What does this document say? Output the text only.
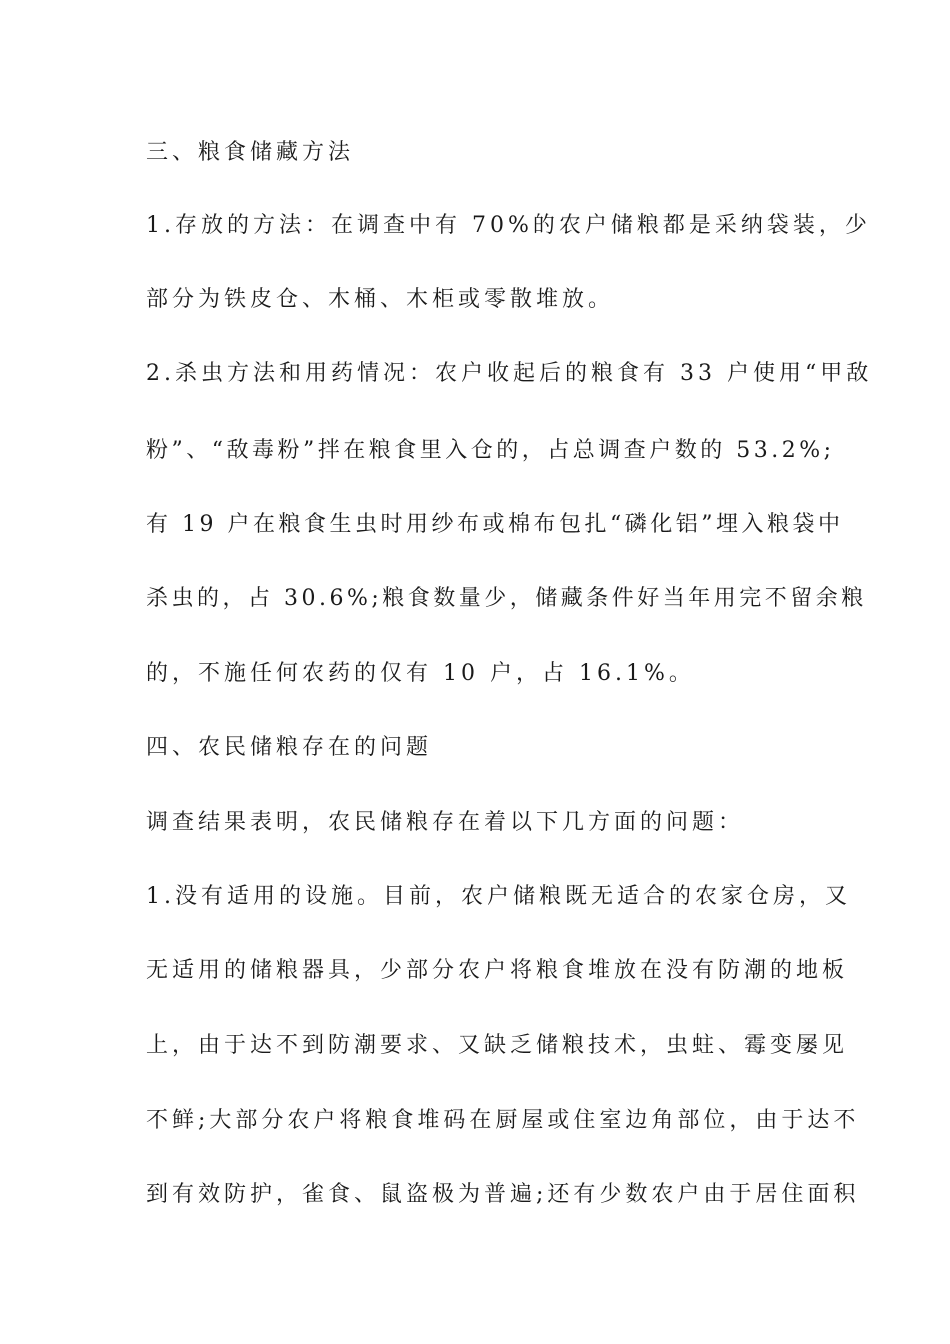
三、粮食储藏方法
1.存放的方法：在调查中有 70%的农户储粮都是采纳袋装，少
部分为铁皮仓、木桶、木柜或零散堆放。
2.杀虫方法和用药情况：农户收起后的粮食有 33 户使用“甲敌
粉”、“敌毒粉”拌在粮食里入仓的，占总调查户数的 53.2%;
有 19 户在粮食生虫时用纱布或棉布包扎“磷化铝”埋入粮袋中
杀虫的，占 30.6%;粮食数量少，储藏条件好当年用完不留余粮
的，不施任何农药的仅有 10 户，占 16.1%。
四、农民储粮存在的问题
调查结果表明，农民储粮存在着以下几方面的问题：
1.没有适用的设施。目前，农户储粮既无适合的农家仓房，又
无适用的储粮器具，少部分农户将粮食堆放在没有防潮的地板
上，由于达不到防潮要求、又缺乏储粮技术，虫蛀、霉变屡见
不鲜;大部分农户将粮食堆码在厨屋或住室边角部位，由于达不
到有效防护，雀食、鼠盗极为普遍;还有少数农户由于居住面积
